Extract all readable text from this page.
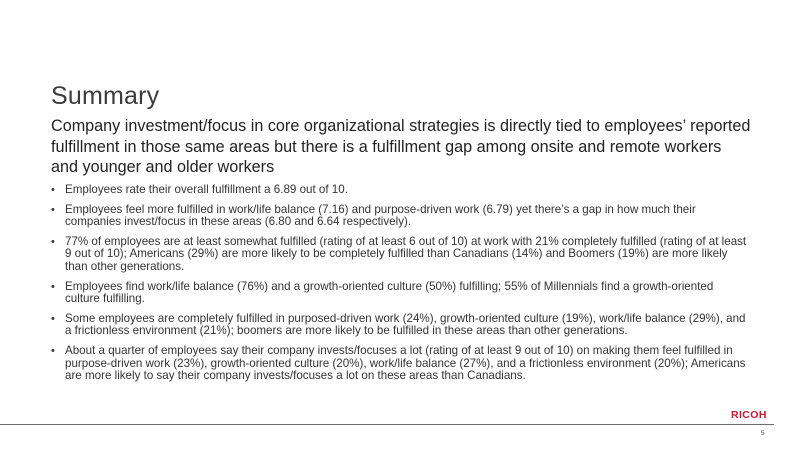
Summary
Company investment/focus in core organizational strategies is directly tied to employees’ reported fulfillment in those same areas but there is a fulfillment gap among onsite and remote workers and younger and older workers
• Employees rate their overall fulfillment a 6.89 out of 10.
• Employees feel more fulfilled in work/life balance (7.16) and purpose-driven work (6.79) yet there’s a gap in how much their companies invest/focus in these areas (6.80 and 6.64 respectively).
• 77% of employees are at least somewhat fulfilled (rating of at least 6 out of 10) at work with 21% completely fulfilled (rating of at least 9 out of 10); Americans (29%) are more likely to be completely fulfilled than Canadians (14%) and Boomers (19%) are more likely than other generations.
• Employees find work/life balance (76%) and a growth-oriented culture (50%) fulfilling; 55% of Millennials find a growth-oriented culture fulfilling.
• Some employees are completely fulfilled in purposed-driven work (24%), growth-oriented culture (19%), work/life balance (29%), and a frictionless environment (21%); boomers are more likely to be fulfilled in these areas than other generations.
• About a quarter of employees say their company invests/focuses a lot (rating of at least 9 out of 10) on making them feel fulfilled in purpose-driven work (23%), growth-oriented culture (20%), work/life balance (27%), and a frictionless environment (20%); Americans are more likely to say their company invests/focuses a lot on these areas than Canadians.
RICOH
5
